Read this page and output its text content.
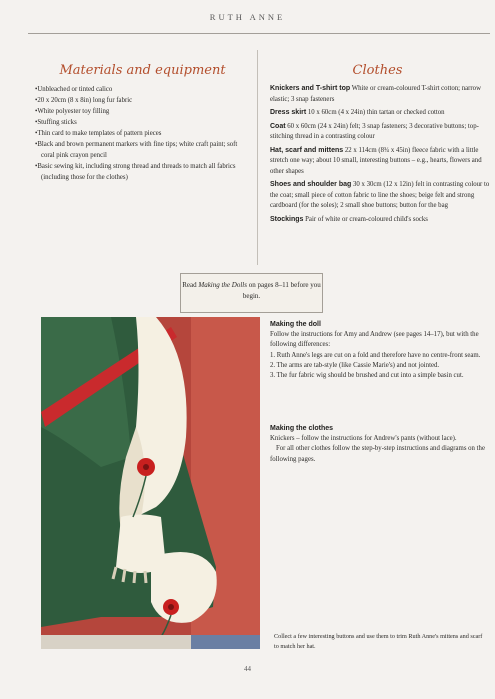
RUTH ANNE
Materials and equipment
• Unbleached or tinted calico
• 20 x 20cm (8 x 8in) long fur fabric
• White polyester toy filling
• Stuffing sticks
• Thin card to make templates of pattern pieces
• Black and brown permanent markers with fine tips; white craft paint; soft coral pink crayon pencil
• Basic sewing kit, including strong thread and threads to match all fabrics (including those for the clothes)
Clothes
Knickers and T-shirt top White or cream-coloured T-shirt cotton; narrow elastic; 3 snap fasteners
Dress skirt 10 x 60cm (4 x 24in) thin tartan or checked cotton
Coat 60 x 60cm (24 x 24in) felt; 3 snap fasteners; 3 decorative buttons; top-stitching thread in a contrasting colour
Hat, scarf and mittens 22 x 114cm (8¾ x 45in) fleece fabric with a little stretch one way; about 10 small, interesting buttons – e.g., hearts, flowers and other shapes
Shoes and shoulder bag 30 x 30cm (12 x 12in) felt in contrasting colour to the coat; small piece of cotton fabric to line the shoes; beige felt and strong cardboard (for the soles); 2 small shoe buttons; button for the bag
Stockings Pair of white or cream-coloured child's socks
Read Making the Dolls on pages 8–11 before you begin.
Making the doll
Follow the instructions for Amy and Andrew (see pages 14–17), but with the following differences:
1. Ruth Anne's legs are cut on a fold and therefore have no centre-front seam.
2. The arms are tab-style (like Cassie Marie's) and not jointed.
3. The fur fabric wig should be brushed and cut into a simple basin cut.
Making the clothes
Knickers – follow the instructions for Andrew's pants (without lace).
For all other clothes follow the step-by-step instructions and diagrams on the following pages.
Collect a few interesting buttons and use them to trim Ruth Anne's mittens and scarf to match her hat.
44
